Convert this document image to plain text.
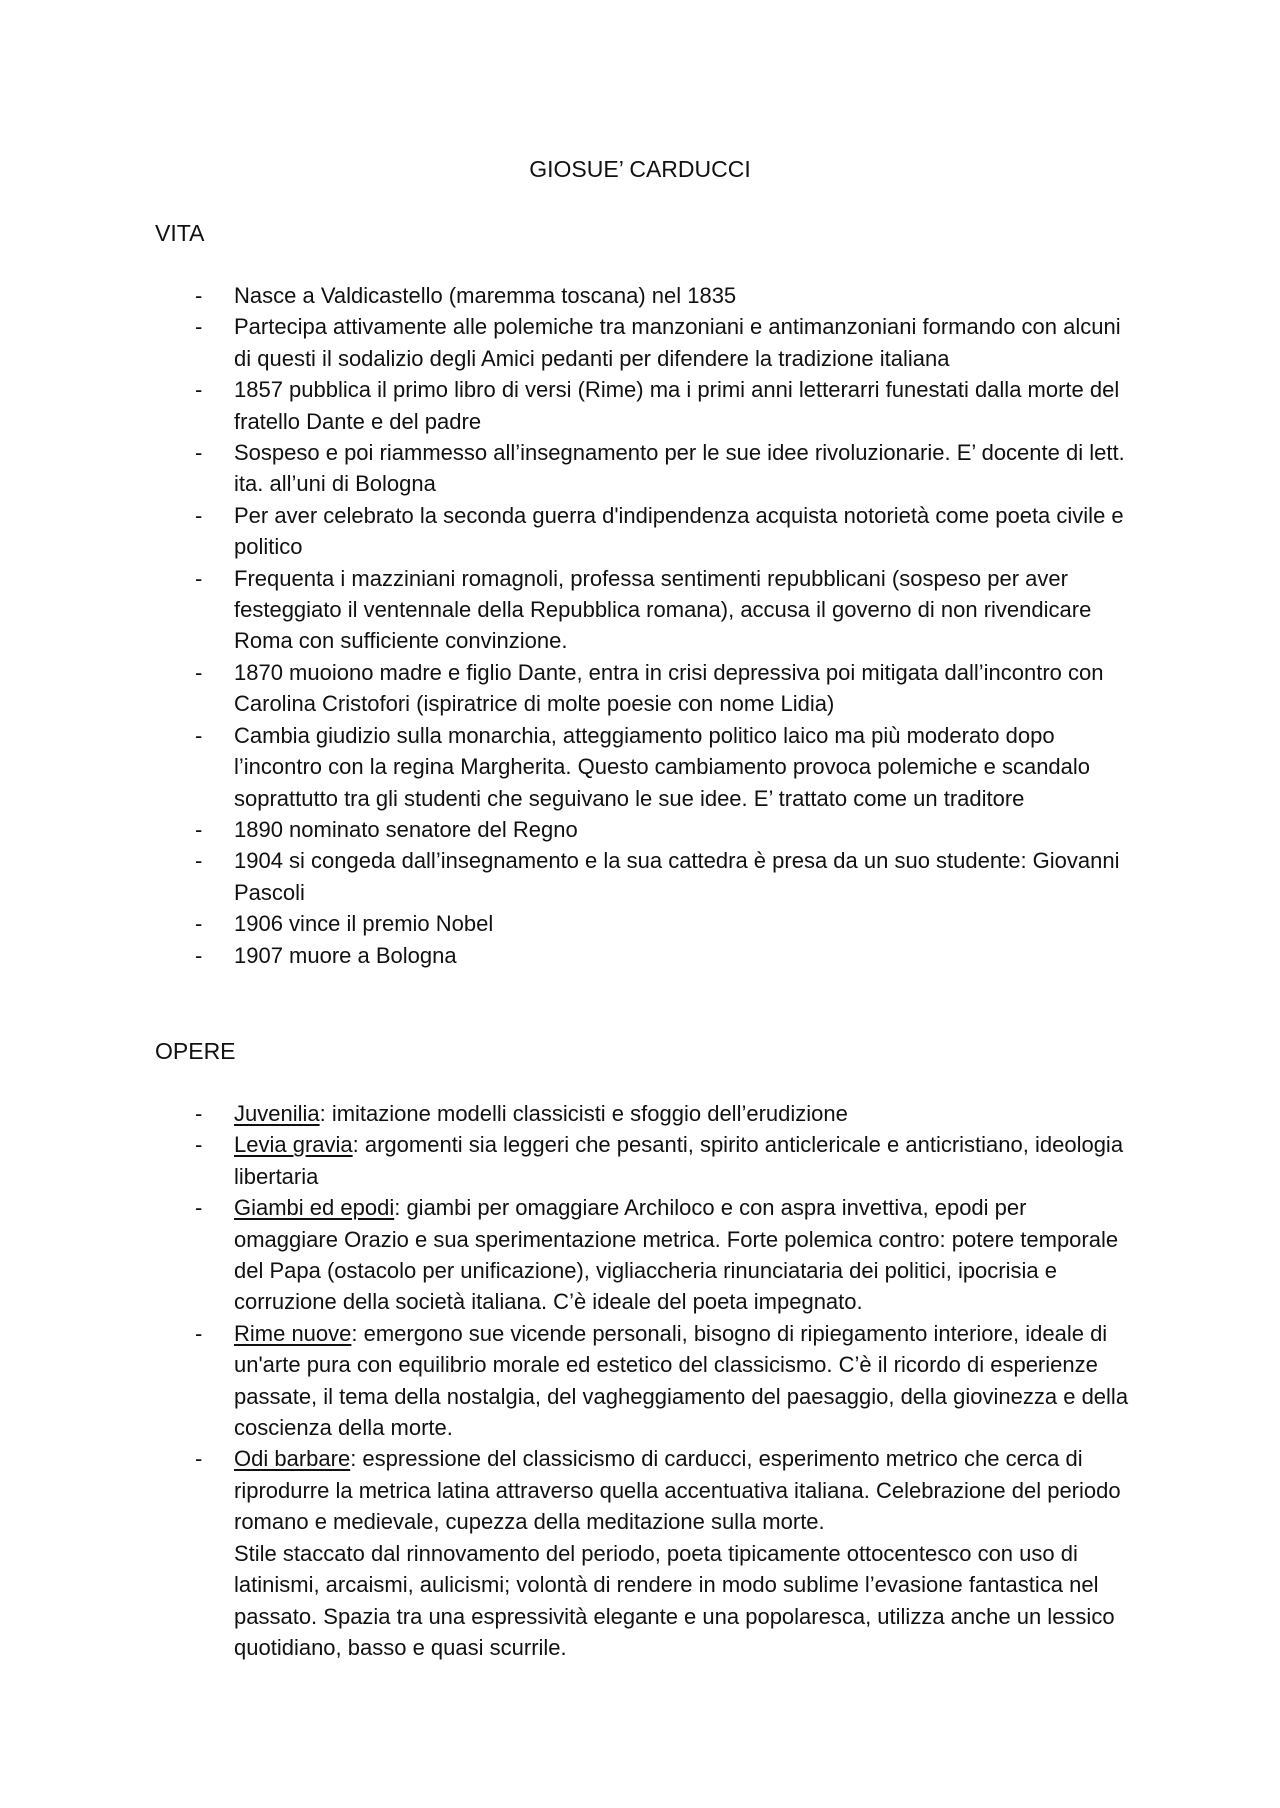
GIOSUE’ CARDUCCI
VITA
- Nasce a Valdicastello (maremma toscana) nel 1835
- Partecipa attivamente alle polemiche tra manzoniani e antimanzoniani formando con alcuni di questi il sodalizio degli Amici pedanti per difendere la tradizione italiana
- 1857 pubblica il primo libro di versi (Rime) ma i primi anni letterarri funestati dalla morte del fratello Dante e del padre
- Sospeso e poi riammesso all’insegnamento per le sue idee rivoluzionarie. E’ docente di lett. ita. all’uni di Bologna
- Per aver celebrato la seconda guerra d'indipendenza acquista notorietà come poeta civile e politico
- Frequenta i mazziniani romagnoli, professa sentimenti repubblicani (sospeso per aver festeggiato il ventennale della Repubblica romana), accusa il governo di non rivendicare Roma con sufficiente convinzione.
- 1870 muoiono madre e figlio Dante, entra in crisi depressiva poi mitigata dall’incontro con Carolina Cristofori (ispiratrice di molte poesie con nome Lidia)
- Cambia giudizio sulla monarchia, atteggiamento politico laico ma più moderato dopo l’incontro con la regina Margherita. Questo cambiamento provoca polemiche e scandalo soprattutto tra gli studenti che seguivano le sue idee. E’ trattato come un traditore
- 1890 nominato senatore del Regno
- 1904 si congeda dall’insegnamento e la sua cattedra è presa da un suo studente: Giovanni Pascoli
- 1906 vince il premio Nobel
- 1907 muore a Bologna
OPERE
- Juvenilia: imitazione modelli classicisti e sfoggio dell’erudizione
- Levia gravia: argomenti sia leggeri che pesanti, spirito anticlericale e anticristiano, ideologia libertaria
- Giambi ed epodi: giambi per omaggiare Archiloco e con aspra invettiva, epodi per omaggiare Orazio e sua sperimentazione metrica. Forte polemica contro: potere temporale del Papa (ostacolo per unificazione), vigliaccheria rinunciataria dei politici, ipocrisia e corruzione della società italiana. C’è ideale del poeta impegnato.
- Rime nuove: emergono sue vicende personali, bisogno di ripiegamento interiore, ideale di un'arte pura con equilibrio morale ed estetico del classicismo. C’è il ricordo di esperienze passate, il tema della nostalgia, del vagheggiamento del paesaggio, della giovinezza e della coscienza della morte.
- Odi barbare: espressione del classicismo di carducci, esperimento metrico che cerca di riprodurre la metrica latina attraverso quella accentuativa italiana. Celebrazione del periodo romano e medievale, cupezza della meditazione sulla morte.
Stile staccato dal rinnovamento del periodo, poeta tipicamente ottocentesco con uso di latinismi, arcaismi, aulicismi; volontà di rendere in modo sublime l’evasione fantastica nel passato. Spazia tra una espressività elegante e una popolaresca, utilizza anche un lessico quotidiano, basso e quasi scurrile.
